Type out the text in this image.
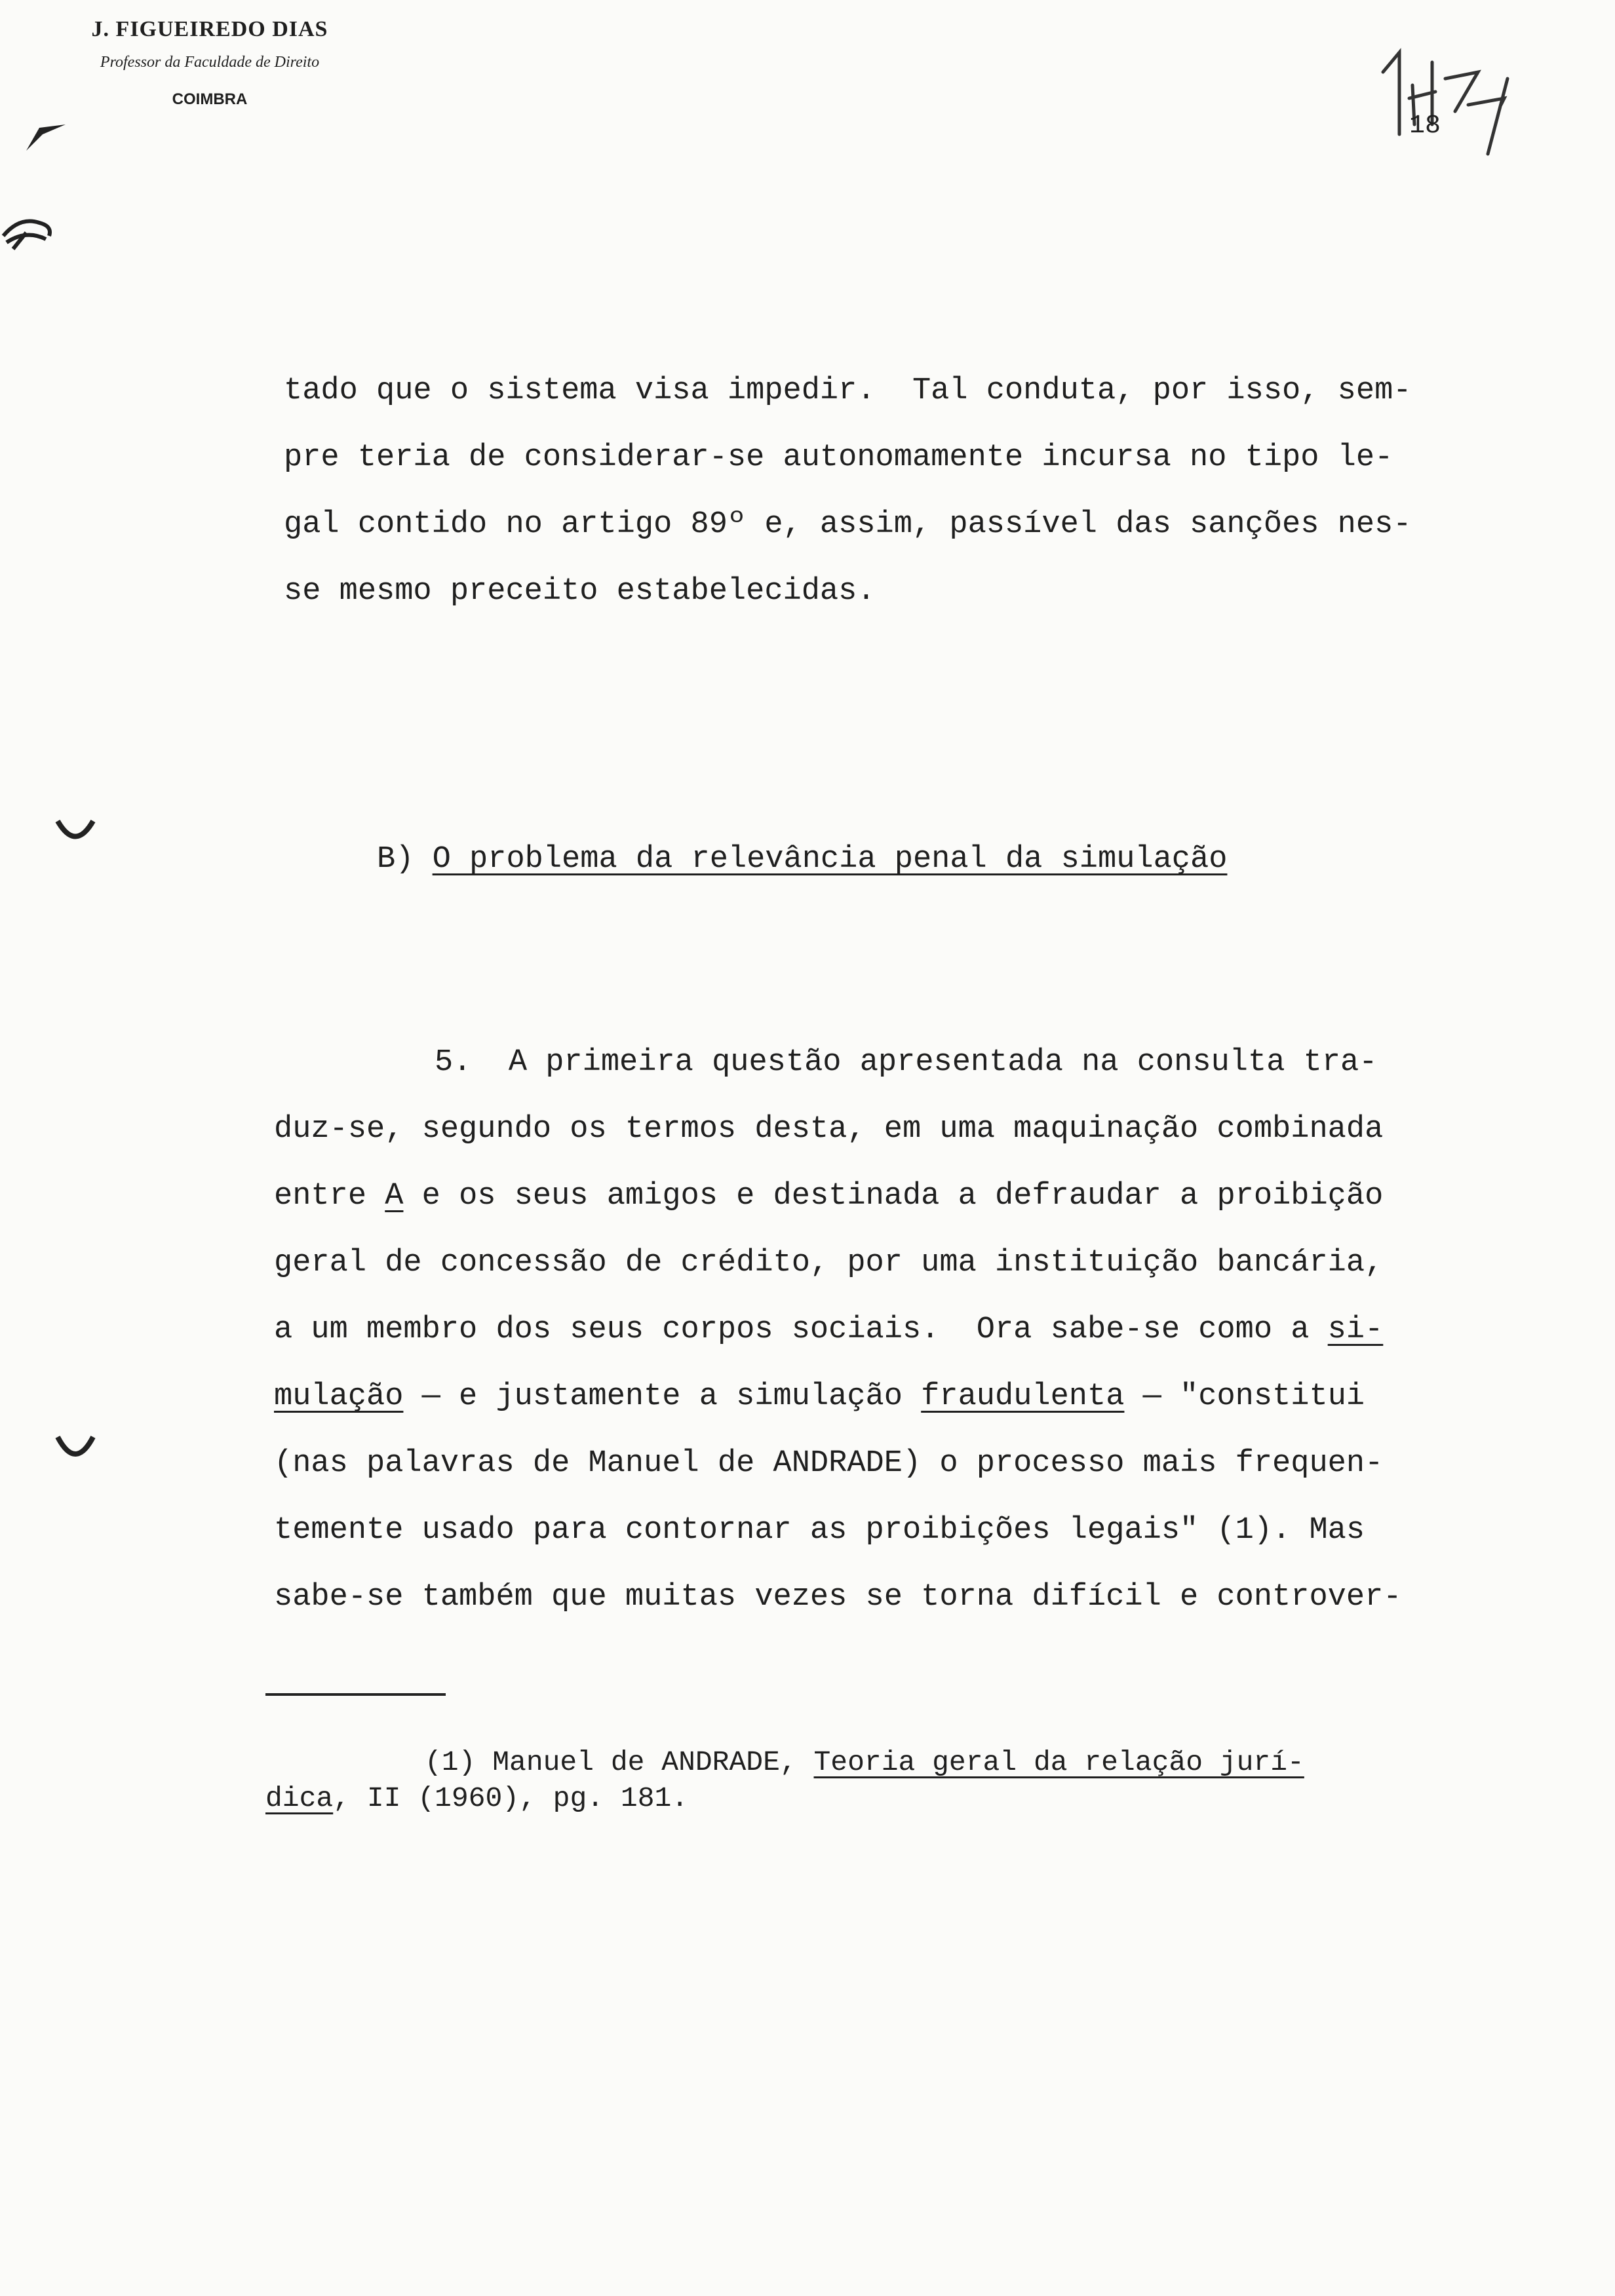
J. FIGUEIREDO DIAS
Professor da Faculdade de Direito
COIMBRA
18
tado que o sistema visa impedir.  Tal conduta, por isso, sem-
pre teria de considerar-se autonomamente incursa no tipo le-
gal contido no artigo 89º e, assim, passível das sanções nes-
se mesmo preceito estabelecidas.
B) O problema da relevância penal da simulação
5.  A primeira questão apresentada na consulta tra-
duz-se, segundo os termos desta, em uma maquinação combinada
entre A e os seus amigos e destinada a defraudar a proibição
geral de concessão de crédito, por uma instituição bancária,
a um membro dos seus corpos sociais.  Ora sabe-se como a si-
mulação — e justamente a simulação fraudulenta — "constitui
(nas palavras de Manuel de ANDRADE) o processo mais frequen-
temente usado para contornar as proibições legais" (1). Mas
sabe-se também que muitas vezes se torna difícil e controver-
(1) Manuel de ANDRADE, Teoria geral da relação jurí-
dica, II (1960), pg. 181.
